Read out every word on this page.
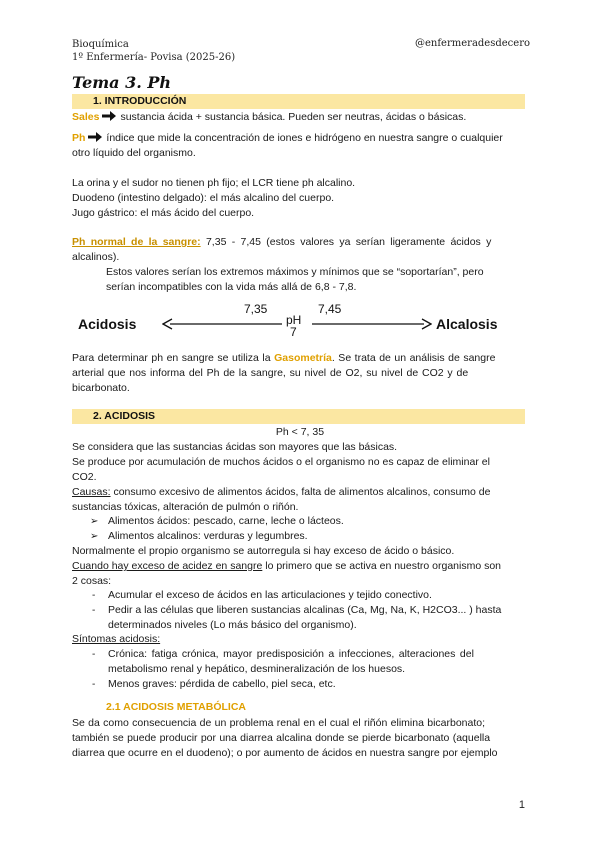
Bioquímica
1º Enfermería- Povisa (2025-26)
@enfermeradesdecero
Tema 3. Ph
1. INTRODUCCIÓN
Sales sustancia ácida + sustancia básica. Pueden ser neutras, ácidas o básicas.
Ph índice que mide la concentración de iones e hidrógeno en nuestra sangre o cualquier
otro líquido del organismo.
La orina y el sudor no tienen ph fijo; el LCR tiene ph alcalino.
Duodeno (intestino delgado): el más alcalino del cuerpo.
Jugo gástrico: el más ácido del cuerpo.
Ph normal de la sangre: 7,35 - 7,45 (estos valores ya serían ligeramente ácidos y
alcalinos).
Estos valores serían los extremos máximos y mínimos que se “soportarían”, pero
serían incompatibles con la vida más allá de 6,8 - 7,8.
Acidosis
7,35
pH
7
7,45
Alcalosis
Para determinar ph en sangre se utiliza la Gasometría. Se trata de un análisis de sangre
arterial que nos informa del Ph de la sangre, su nivel de O2, su nivel de CO2 y de
bicarbonato.
2. ACIDOSIS
Ph < 7, 35
Se considera que las sustancias ácidas son mayores que las básicas.
Se produce por acumulación de muchos ácidos o el organismo no es capaz de eliminar el
CO2.
Causas: consumo excesivo de alimentos ácidos, falta de alimentos alcalinos, consumo de
sustancias tóxicas, alteración de pulmón o riñón.
➢ Alimentos ácidos: pescado, carne, leche o lácteos.
➢ Alimentos alcalinos: verduras y legumbres.
Normalmente el propio organismo se autorregula si hay exceso de ácido o básico.
Cuando hay exceso de acidez en sangre lo primero que se activa en nuestro organismo son
2 cosas:
- Acumular el exceso de ácidos en las articulaciones y tejido conectivo.
- Pedir a las células que liberen sustancias alcalinas (Ca, Mg, Na, K, H2CO3... ) hasta
determinados niveles (Lo más básico del organismo).
Síntomas acidosis:
- Crónica: fatiga crónica, mayor predisposición a infecciones, alteraciones del
metabolismo renal y hepático, desmineralización de los huesos.
- Menos graves: pérdida de cabello, piel seca, etc.
2.1 ACIDOSIS METABÓLICA
Se da como consecuencia de un problema renal en el cual el riñón elimina bicarbonato;
también se puede producir por una diarrea alcalina donde se pierde bicarbonato (aquella
diarrea que ocurre en el duodeno); o por aumento de ácidos en nuestra sangre por ejemplo
1
